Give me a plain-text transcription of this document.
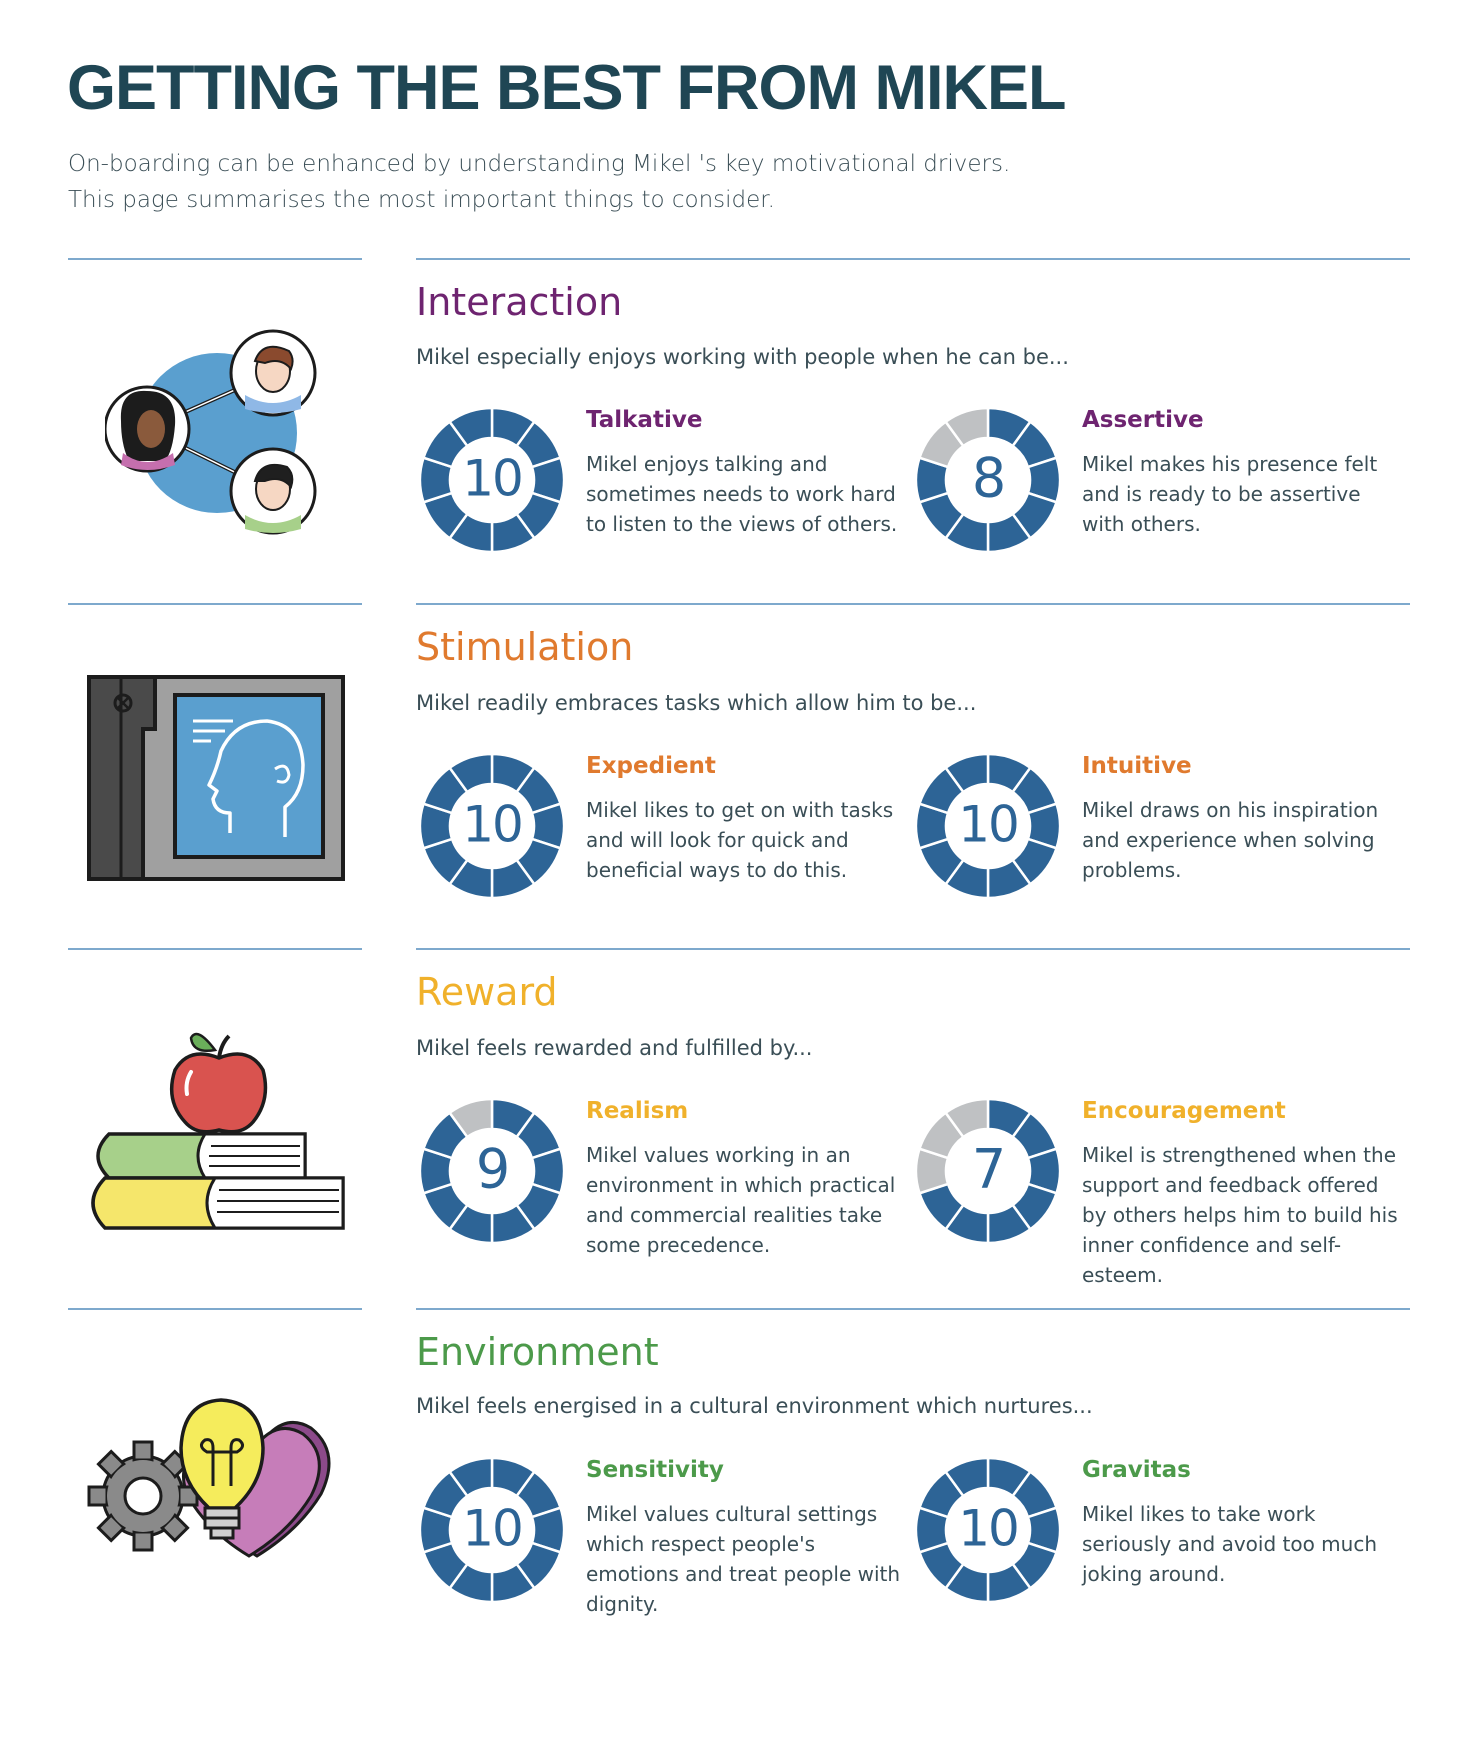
GETTING THE BEST FROM MIKEL
On-boarding can be enhanced by understanding Mikel 's key motivational drivers.
This page summarises the most important things to consider.
Interaction
Mikel especially enjoys working with people when he can be...
10
Talkative
Mikel enjoys talking and sometimes needs to work hard to listen to the views of others.
8
Assertive
Mikel makes his presence felt and is ready to be assertive with others.
Stimulation
Mikel readily embraces tasks which allow him to be...
10
Expedient
Mikel likes to get on with tasks and will look for quick and beneficial ways to do this.
10
Intuitive
Mikel draws on his inspiration and experience when solving problems.
Reward
Mikel feels rewarded and fulfilled by...
9
Realism
Mikel values working in an environment in which practical and commercial realities take some precedence.
7
Encouragement
Mikel is strengthened when the support and feedback offered by others helps him to build his inner confidence and self-esteem.
Environment
Mikel feels energised in a cultural environment which nurtures...
10
Sensitivity
Mikel values cultural settings which respect people's emotions and treat people with dignity.
10
Gravitas
Mikel likes to take work seriously and avoid too much joking around.
